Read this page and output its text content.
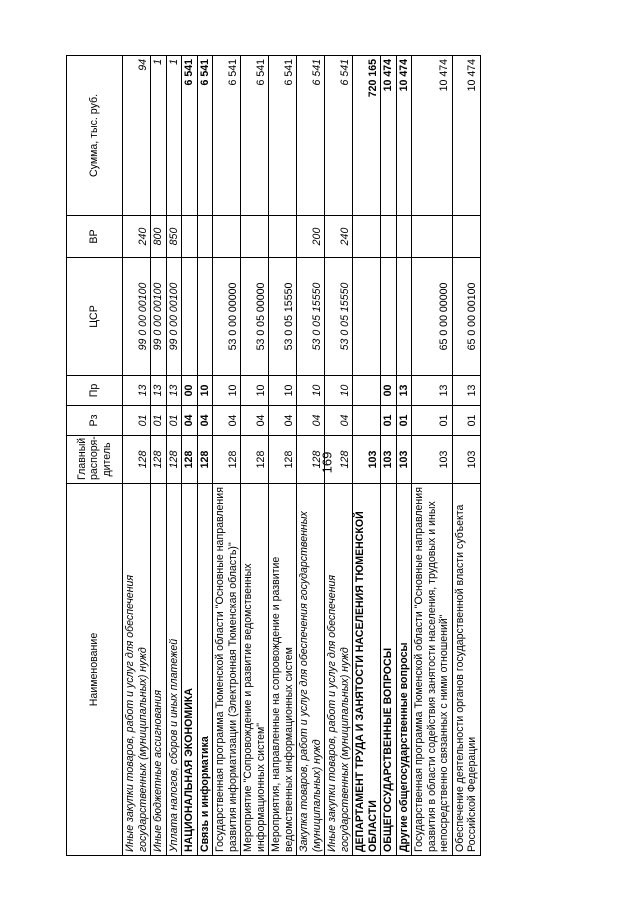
169
Наименование	Главный распоря-дитель	Рз	Пр	ЦСР	ВР	Сумма, тыс. руб.
Иные закупки товаров, работ и услуг для обеспечения государственных (муниципальных) нужд	128	01	13	99 0 00 00100	240	94
Иные бюджетные ассигнования	128	01	13	99 0 00 00100	800	1
Уплата налогов, сборов и иных платежей	128	01	13	99 0 00 00100	850	1
НАЦИОНАЛЬНАЯ ЭКОНОМИКА	128	04	00			6 541
Связь и информатика	128	04	10			6 541
Государственная программа Тюменской области "Основные направления развития информатизации (Электронная Тюменская область)"	128	04	10	53 0 00 00000		6 541
Мероприятие "Сопровождение и развитие ведомственных информационных систем"	128	04	10	53 0 05 00000		6 541
Мероприятия, направленные на сопровождение и развитие ведомственных информационных систем	128	04	10	53 0 05 15550		6 541
Закупка товаров, работ и услуг для обеспечения государственных (муниципальных) нужд	128	04	10	53 0 05 15550	200	6 541
Иные закупки товаров, работ и услуг для обеспечения государственных (муниципальных) нужд	128	04	10	53 0 05 15550	240	6 541
ДЕПАРТАМЕНТ ТРУДА И ЗАНЯТОСТИ НАСЕЛЕНИЯ ТЮМЕНСКОЙ ОБЛАСТИ	103					720 165
ОБЩЕГОСУДАРСТВЕННЫЕ ВОПРОСЫ	103	01	00			10 474
Другие общегосударственные вопросы	103	01	13			10 474
Государственная программа Тюменской области "Основные направления развития в области содействия занятости населения, трудовых и иных непосредственно связанных с ними отношений"	103	01	13	65 0 00 00000		10 474
Обеспечение деятельности органов государственной власти субъекта Российской Федерации	103	01	13	65 0 00 00100		10 474
